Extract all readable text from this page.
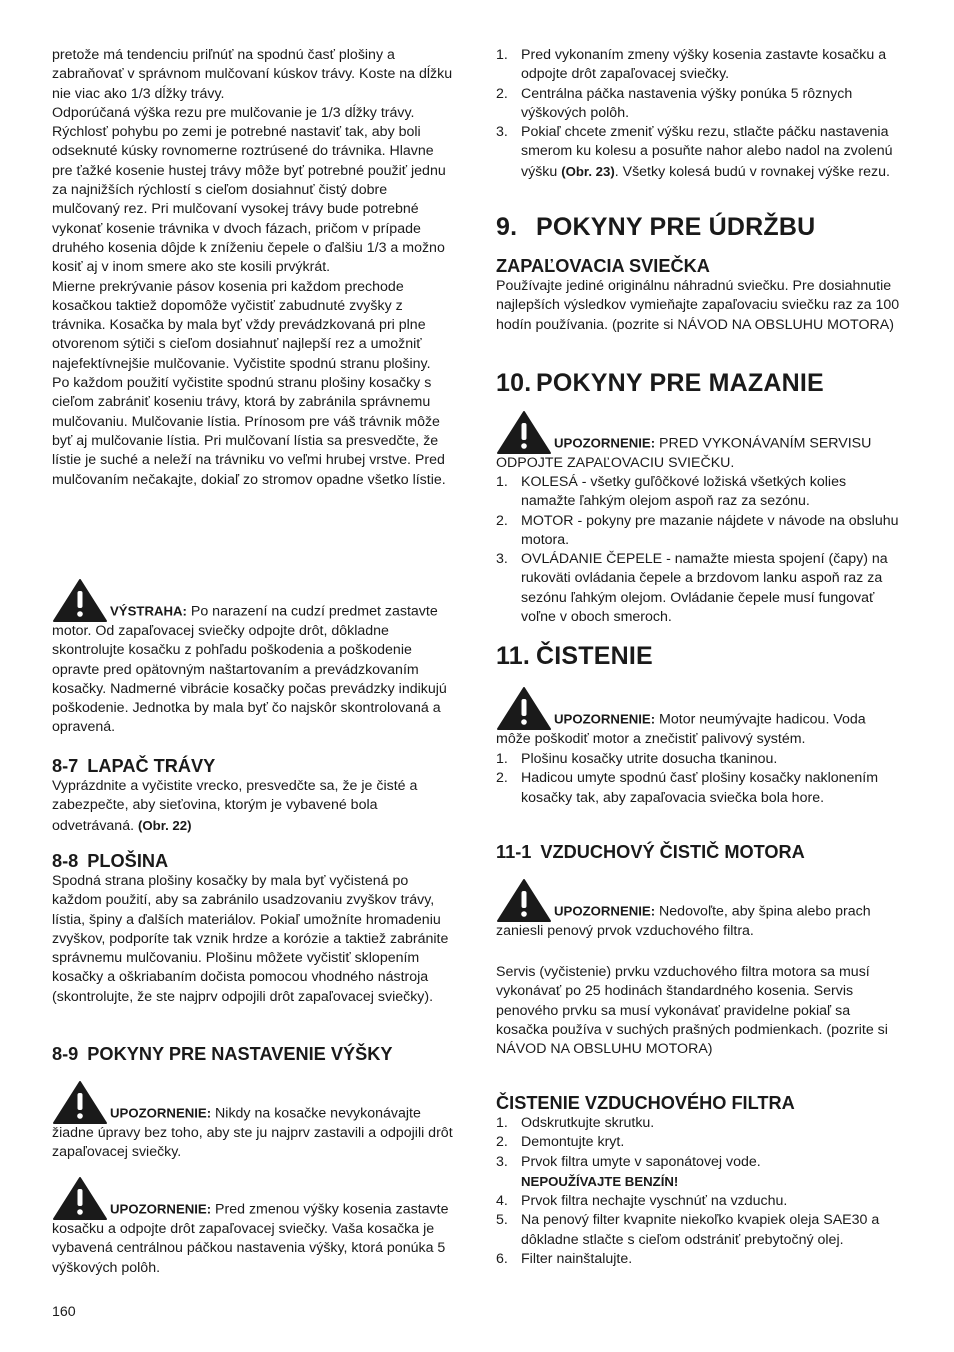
pretože má tendenciu priľnúť na spodnú časť plošiny a zabraňovať v správnom mulčovaní kúskov trávy. Koste na dĺžku nie viac ako 1/3 dĺžky trávy.

Odporúčaná výška rezu pre mulčovanie je 1/3 dĺžky trávy. Rýchlosť pohybu po zemi je potrebné nastaviť tak, aby boli odseknuté kúsky rovnomerne roztrúsené do trávnika. Hlavne pre ťažké kosenie hustej trávy môže byť potrebné použiť jednu za najnižších rýchlostí s cieľom dosiahnuť čistý dobre mulčovaný rez. Pri mulčovaní vysokej trávy bude potrebné vykonať kosenie trávnika v dvoch fázach, pričom v prípade druhého kosenia dôjde k zníženiu čepele o ďalšiu 1/3 a možno kosiť aj v inom smere ako ste kosili prvýkrát.

Mierne prekrývanie pásov kosenia pri každom prechode kosačkou taktiež dopomôže vyčistiť zabudnuté zvyšky z trávnika. Kosačka by mala byť vždy prevádzkovaná pri plne otvorenom sýtiči s cieľom dosiahnuť najlepší rez a umožniť najefektívnejšie mulčovanie. Vyčistite spodnú stranu plošiny.

Po každom použití vyčistite spodnú stranu plošiny kosačky s cieľom zabrániť koseniu trávy, ktorá by zabránila správnemu mulčovaniu. Mulčovanie lístia. Prínosom pre váš trávnik môže byť aj mulčovanie lístia. Pri mulčovaní lístia sa presvedčte, že lístie je suché a neleží na trávniku vo veľmi hrubej vrstve. Pred mulčovaním nečakajte, dokiaľ zo stromov opadne všetko lístie.

VÝSTRAHA: Po narazení na cudzí predmet zastavte motor. Od zapaľovacej sviečky odpojte drôt, dôkladne skontrolujte kosačku z pohľadu poškodenia a poškodenie opravte pred opätovným naštartovaním a prevádzkovaním kosačky. Nadmerné vibrácie kosačky počas prevádzky indikujú poškodenie. Jednotka by mala byť čo najskôr skontrolovaná a opravená.

8-7 LAPAČ TRÁVY

Vyprázdnite a vyčistite vrecko, presvedčte sa, že je čisté a zabezpečte, aby sieťovina, ktorým je vybavené bola odvetrávaná. (Obr. 22)

8-8 PLOŠINA

Spodná strana plošiny kosačky by mala byť vyčistená po každom použití, aby sa zabránilo usadzovaniu zvyškov trávy, lístia, špiny a ďalších materiálov. Pokiaľ umožníte hromadeniu zvyškov, podporíte tak vznik hrdze a korózie a taktiež zabránite správnemu mulčovaniu. Plošinu môžete vyčistiť sklopením kosačky a oškriabaním dočista pomocou vhodného nástroja (skontrolujte, že ste najprv odpojili drôt zapaľovacej sviečky).

8-9 POKYNY PRE NASTAVENIE VÝŠKY

UPOZORNENIE: Nikdy na kosačke nevykonávajte žiadne úpravy bez toho, aby ste ju najprv zastavili a odpojili drôt zapaľovacej sviečky.

UPOZORNENIE: Pred zmenou výšky kosenia zastavte kosačku a odpojte drôt zapaľovacej sviečky. Vaša kosačka je vybavená centrálnou páčkou nastavenia výšky, ktorá ponúka 5 výškových polôh.

1. Pred vykonaním zmeny výšky kosenia zastavte kosačku a odpojte drôt zapaľovacej sviečky.
2. Centrálna páčka nastavenia výšky ponúka 5 rôznych výškových polôh.
3. Pokiaľ chcete zmeniť výšku rezu, stlačte páčku nastavenia smerom ku kolesu a posuňte nahor alebo nadol na zvolenú výšku (Obr. 23). Všetky kolesá budú v rovnakej výške rezu.
9. POKYNY PRE ÚDRŽBU
ZAPAĽOVACIA SVIEČKA

Používajte jediné originálnu náhradnú sviečku. Pre dosiahnutie najlepších výsledkov vymieňajte zapaľovaciu sviečku raz za 100 hodín používania. (pozrite si NÁVOD NA OBSLUHU MOTORA)

10. POKYNY PRE MAZANIE

UPOZORNENIE: PRED VYKONÁVANÍM SERVISU ODPOJTE ZAPAĽOVACIU SVIEČKU.

1. KOLESÁ - všetky guľôčkové ložiská všetkých kolies namažte ľahkým olejom aspoň raz za sezónu.
2. MOTOR - pokyny pre mazanie nájdete v návode na obsluhu motora.
3. OVLÁDANIE ČEPELE - namažte miesta spojení (čapy) na rukoväti ovládania čepele a brzdovom lanku aspoň raz za sezónu ľahkým olejom. Ovládanie čepele musí fungovať voľne v oboch smeroch.
11. ČISTENIE

UPOZORNENIE: Motor neumývajte hadicou. Voda môže poškodiť motor a znečistiť palivový systém.

1. Plošinu kosačky utrite dosucha tkaninou.
2. Hadicou umyte spodnú časť plošiny kosačky naklonením kosačky tak, aby zapaľovacia sviečka bola hore.
11-1 VZDUCHOVÝ ČISTIČ MOTORA

UPOZORNENIE: Nedovoľte, aby špina alebo prach zaniesli penový prvok vzduchového filtra.

Servis (vyčistenie) prvku vzduchového filtra motora sa musí vykonávať po 25 hodinách štandardného kosenia. Servis penového prvku sa musí vykonávať pravidelne pokiaľ sa kosačka používa v suchých prašných podmienkach. (pozrite si NÁVOD NA OBSLUHU MOTORA)

ČISTENIE VZDUCHOVÉHO FILTRA
1. Odskrutkujte skrutku.
2. Demontujte kryt.
3. Prvok filtra umyte v saponátovej vode.
NEPOUŽÍVAJTE BENZÍN!
4. Prvok filtra nechajte vyschnúť na vzduchu.
5. Na penový filter kvapnite niekoľko kvapiek oleja SAE30 a dôkladne stlačte s cieľom odstrániť prebytočný olej.
6. Filter nainštalujte.
160
